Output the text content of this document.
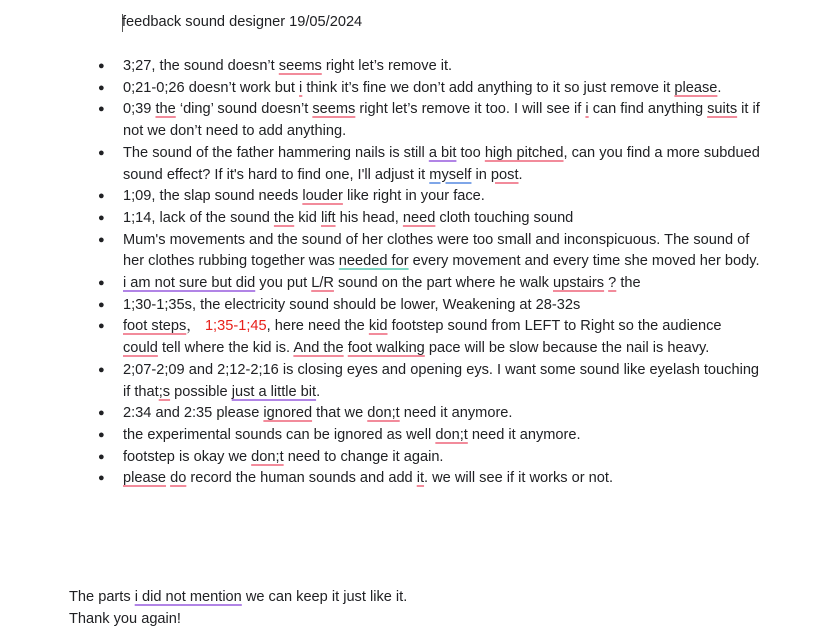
feedback sound designer 19/05/2024
● 3;27, the sound doesn’t seems right let’s remove it.
● 0;21-0;26 doesn’t work but i think it’s fine we don’t add anything to it so just remove it please.
● 0;39 the ‘ding’ sound doesn’t seems right let’s remove it too. I will see if i can find anything suits it if not we don’t need to add anything.
● The sound of the father hammering nails is still a bit too high pitched, can you find a more subdued sound effect? If it's hard to find one, I'll adjust it myself in post.
● 1;09, the slap sound needs louder like right in your face.
● 1;14, lack of the sound the kid lift his head, need cloth touching sound
● Mum's movements and the sound of her clothes were too small and inconspicuous. The sound of her clothes rubbing together was needed for every movement and every time she moved her body.
● i am not sure but did you put L/R sound on the part where he walk upstairs ? the
● 1;30-1;35s, the electricity sound should be lower, Weakening at 28-32s
● foot steps， 1;35-1;45, here need the kid footstep sound from LEFT to Right so the audience could tell where the kid is. And the foot walking pace will be slow because the nail is heavy.
● 2;07-2;09 and 2;12-2;16 is closing eyes and opening eys. I want some sound like eyelash touching if that;s possible just a little bit.
● 2:34 and 2:35 please ignored that we don;t need it anymore.
● the experimental sounds can be ignored as well don;t need it anymore.
● footstep is okay we don;t need to change it again.
● please do record the human sounds and add it. we will see if it works or not.
The parts i did not mention we can keep it just like it.
Thank you again!
